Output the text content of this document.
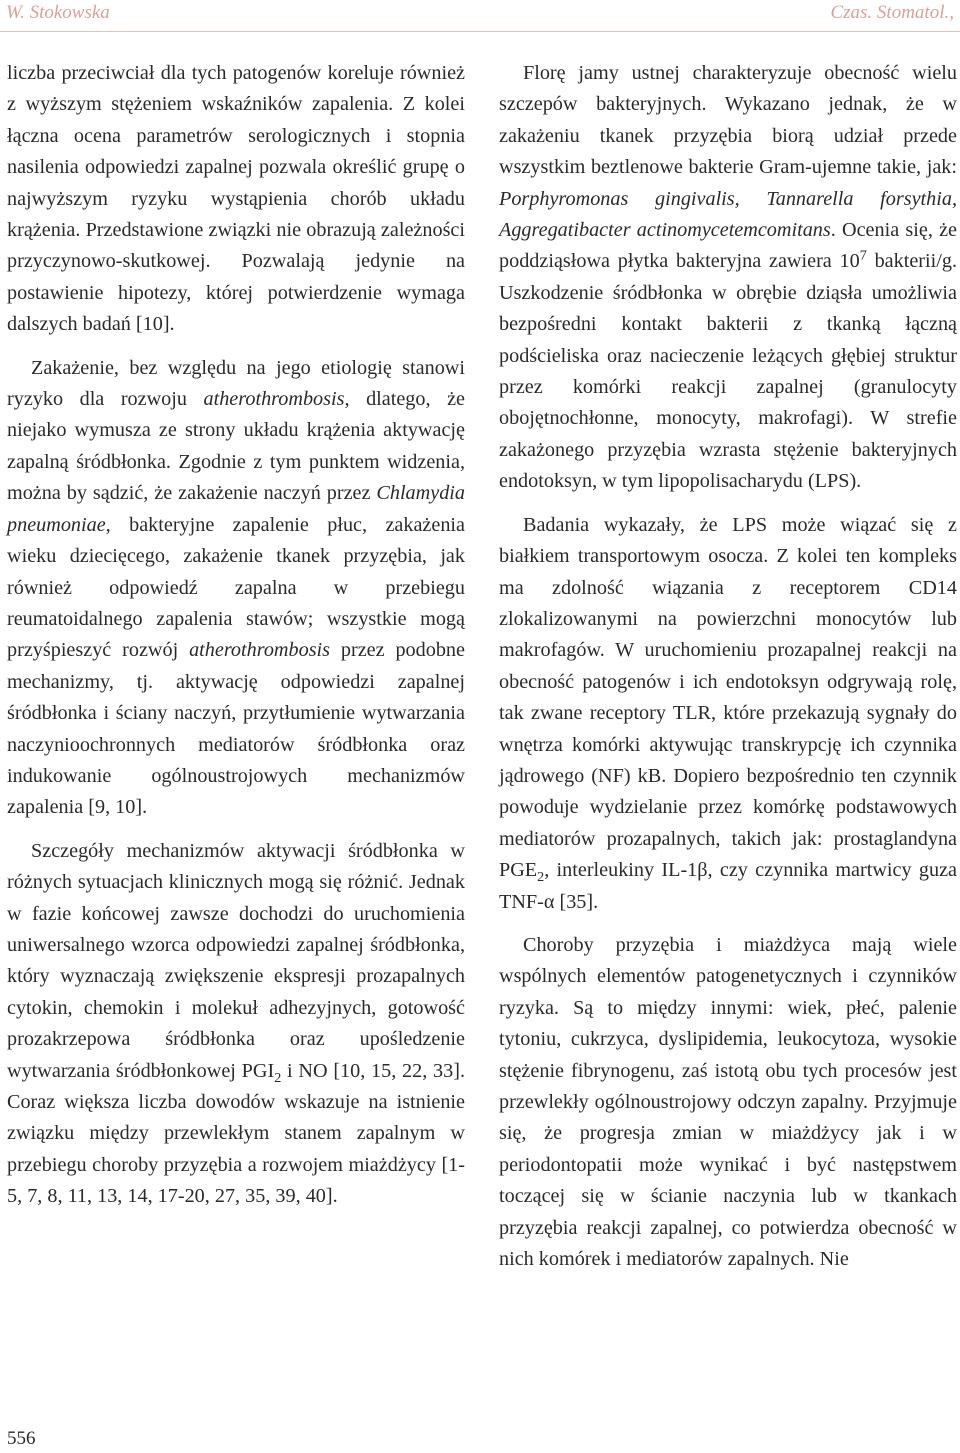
W. Stokowska	Czas. Stomatol.,

liczba przeciwciał dla tych patogenów koreluje również z wyższym stężeniem wskaźników zapalenia. Z kolei łączna ocena parametrów serologicznych i stopnia nasilenia odpowiedzi zapalnej pozwala określić grupę o najwyższym ryzyku wystąpienia chorób układu krążenia. Przedstawione związki nie obrazują zależności przyczynowo-skutkowej. Pozwalają jedynie na postawienie hipotezy, której potwierdzenie wymaga dalszych badań [10].

Zakażenie, bez względu na jego etiologię stanowi ryzyko dla rozwoju atherothrombosis, dlatego, że niejako wymusza ze strony układu krążenia aktywację zapalną śródbłonka. Zgodnie z tym punktem widzenia, można by sądzić, że zakażenie naczyń przez Chlamydia pneumoniae, bakteryjne zapalenie płuc, zakażenia wieku dziecięcego, zakażenie tkanek przyzębia, jak również odpowiedź zapalna w przebiegu reumatoidalnego zapalenia stawów; wszystkie mogą przyśpieszyć rozwój atherothrombosis przez podobne mechanizmy, tj. aktywację odpowiedzi zapalnej śródbłonka i ściany naczyń, przytłumienie wytwarzania naczynioochronnych mediatorów śródbłonka oraz indukowanie ogólnoustrojowych mechanizmów zapalenia [9, 10].

Szczegóły mechanizmów aktywacji śródbłonka w różnych sytuacjach klinicznych mogą się różnić. Jednak w fazie końcowej zawsze dochodzi do uruchomienia uniwersalnego wzorca odpowiedzi zapalnej śródbłonka, który wyznaczają zwiększenie ekspresji prozapalnych cytokin, chemokin i molekuł adhezyjnych, gotowość prozakrzepowa śródbłonka oraz upośledzenie wytwarzania śródbłonkowej $PGI_2$ i NO [10, 15, 22, 33]. Coraz większa liczba dowodów wskazuje na istnienie związku między przewlekłym stanem zapalnym w przebiegu choroby przyzębia a rozwojem miażdżycy [1-5, 7, 8, 11, 13, 14, 17-20, 27, 35, 39, 40].

Florę jamy ustnej charakteryzuje obecność wielu szczepów bakteryjnych. Wykazano jednak, że w zakażeniu tkanek przyzębia biorą udział przede wszystkim beztlenowe bakterie Gram-ujemne takie, jak: Porphyromonas gingivalis, Tannarella forsythia, Aggregatibacter actinomycetemcomitans. Ocenia się, że poddziąsłowa płytka bakteryjna zawiera $10^7$ bakterii/g. Uszkodzenie śródbłonka w obrębie dziąsła umożliwia bezpośredni kontakt bakterii z tkanką łączną podścieliska oraz nacieczenie leżących głębiej struktur przez komórki reakcji zapalnej (granulocyty obojętnochłonne, monocyty, makrofagi). W strefie zakażonego przyzębia wzrasta stężenie bakteryjnych endotoksyn, w tym lipopolisacharydu (LPS).

Badania wykazały, że LPS może wiązać się z białkiem transportowym osocza. Z kolei ten kompleks ma zdolność wiązania z receptorem CD14 zlokalizowanymi na powierzchni monocytów lub makrofagów. W uruchomieniu prozapalnej reakcji na obecność patogenów i ich endotoksyn odgrywają rolę, tak zwane receptory TLR, które przekazują sygnały do wnętrza komórki aktywując transkrypcję ich czynnika jądrowego (NF) kB. Dopiero bezpośrednio ten czynnik powoduje wydzielanie przez komórkę podstawowych mediatorów prozapalnych, takich jak: prostaglandyna $PGE_2$, interleukiny IL-1β, czy czynnika martwicy guza TNF-α [35].

Choroby przyzębia i miażdżyca mają wiele wspólnych elementów patogenetycznych i czynników ryzyka. Są to między innymi: wiek, płeć, palenie tytoniu, cukrzyca, dyslipidemia, leukocytoza, wysokie stężenie fibrynogenu, zaś istotą obu tych procesów jest przewlekły ogólnoustrojowy odczyn zapalny. Przyjmuje się, że progresja zmian w miażdżycy jak i w periodontopatii może wynikać i być następstwem toczącej się w ścianie naczynia lub w tkankach przyzębia reakcji zapalnej, co potwierdza obecność w nich komórek i mediatorów zapalnych. Nie

556
